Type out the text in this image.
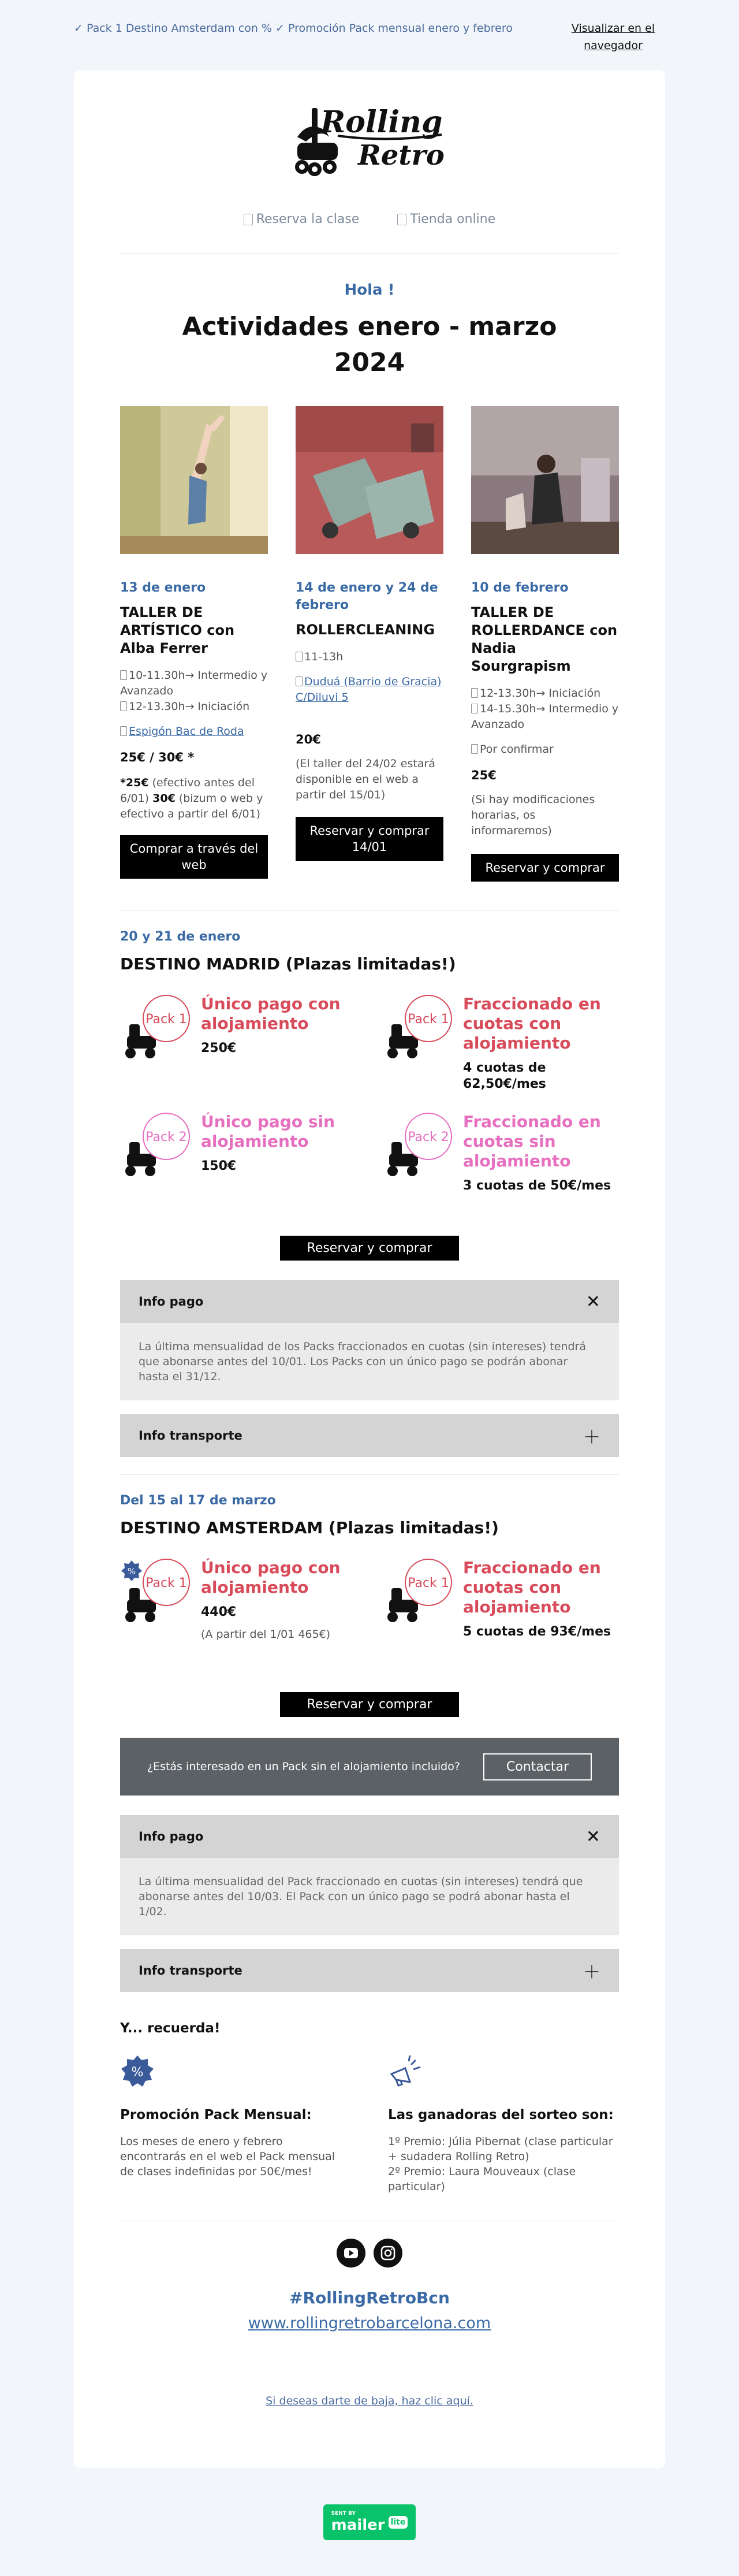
✓ Pack 1 Destino Amsterdam con % ✓ Promoción Pack mensual enero y febrero	Visualizar en el navegador
Rolling
Retro
Reserva la clase	Tienda online
Hola !
Actividades enero - marzo 2024
13 de enero
TALLER DE ARTÍSTICO con Alba Ferrer
10-11.30h→ Intermedio y Avanzado
12-13.30h→ Iniciación
Espigón Bac de Roda
25€ / 30€ *
*25€ (efectivo antes del 6/01) 30€ (bizum o web y efectivo a partir del 6/01)
Comprar a través del web
14 de enero y 24 de febrero
ROLLERCLEANING
11-13h
Duduá (Barrio de Gracia) C/Diluvi 5
20€
(El taller del 24/02 estará disponible en el web a partir del 15/01)
Reservar y comprar 14/01
10 de febrero
TALLER DE ROLLERDANCE con Nadia Sourgrapism
12-13.30h→ Iniciación
14-15.30h→ Intermedio y Avanzado
Por confirmar
25€
(Si hay modificaciones horarias, os informaremos)
Reservar y comprar
20 y 21 de enero
DESTINO MADRID (Plazas limitadas!)
Pack 1
Único pago con alojamiento
250€
Pack 1
Fraccionado en cuotas con alojamiento
4 cuotas de 62,50€/mes
Pack 2
Único pago sin alojamiento
150€
Pack 2
Fraccionado en cuotas sin alojamiento
3 cuotas de 50€/mes
Reservar y comprar
Info pago	✕
La última mensualidad de los Packs fraccionados en cuotas (sin intereses) tendrá que abonarse antes del 10/01. Los Packs con un único pago se podrán abonar hasta el 31/12.
Info transporte	＋
Del 15 al 17 de marzo
DESTINO AMSTERDAM (Plazas limitadas!)
Pack 1
%	Único pago con alojamiento
440€
(A partir del 1/01 465€)
Pack 1
Fraccionado en cuotas con alojamiento
5 cuotas de 93€/mes
Reservar y comprar
¿Estás interesado en un Pack sin el alojamiento incluido?	Contactar
Info pago	✕
La última mensualidad del Pack fraccionado en cuotas (sin intereses) tendrá que abonarse antes del 10/03. El Pack con un único pago se podrá abonar hasta el 1/02.
Info transporte	＋
Y... recuerda!
%
Promoción Pack Mensual:
Los meses de enero y febrero encontrarás en el web el Pack mensual de clases indefinidas por 50€/mes!
Las ganadoras del sorteo son:
1º Premio: Júlia Pibernat (clase particular + sudadera Rolling Retro)
2º Premio: Laura Mouveaux (clase particular)
#RollingRetroBcn
www.rollingretrobarcelona.com
Si deseas darte de baja, haz clic aquí.
SENT BY
mailer lite
